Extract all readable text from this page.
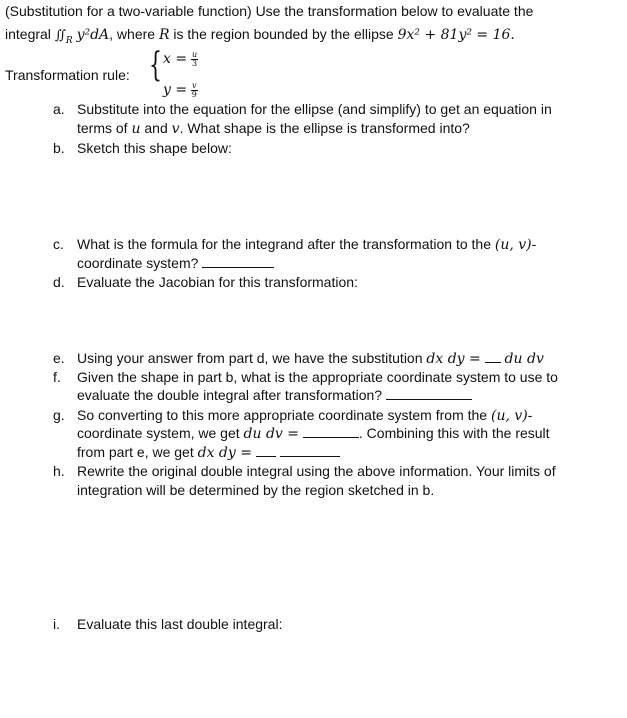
(Substitution for a two-variable function) Use the transformation below to evaluate the
integral $∬_R$ y²dA, where R is the region bounded by the ellipse 9x² + 81y² = 16.
Transformation rule: { $x = \frac{u}{3}$
$y = \frac{v}{9}$
a. Substitute into the equation for the ellipse (and simplify) to get an equation in
terms of u and v. What shape is the ellipse is transformed into?
b. Sketch this shape below:
c. What is the formula for the integrand after the transformation to the (u, v)-
coordinate system?
d. Evaluate the Jacobian for this transformation:
e. Using your answer from part d, we have the substitution dx dy = du dv
f.	Given the shape in part b, what is the appropriate coordinate system to use to
evaluate the double integral after transformation?
g. So converting to this more appropriate coordinate system from the (u, v)-
coordinate system, we get du dv =	. Combining this with the result
from part e, we get dx dy =
h. Rewrite the original double integral using the above information. Your limits of
integration will be determined by the region sketched in b.
i.	Evaluate this last double integral:
